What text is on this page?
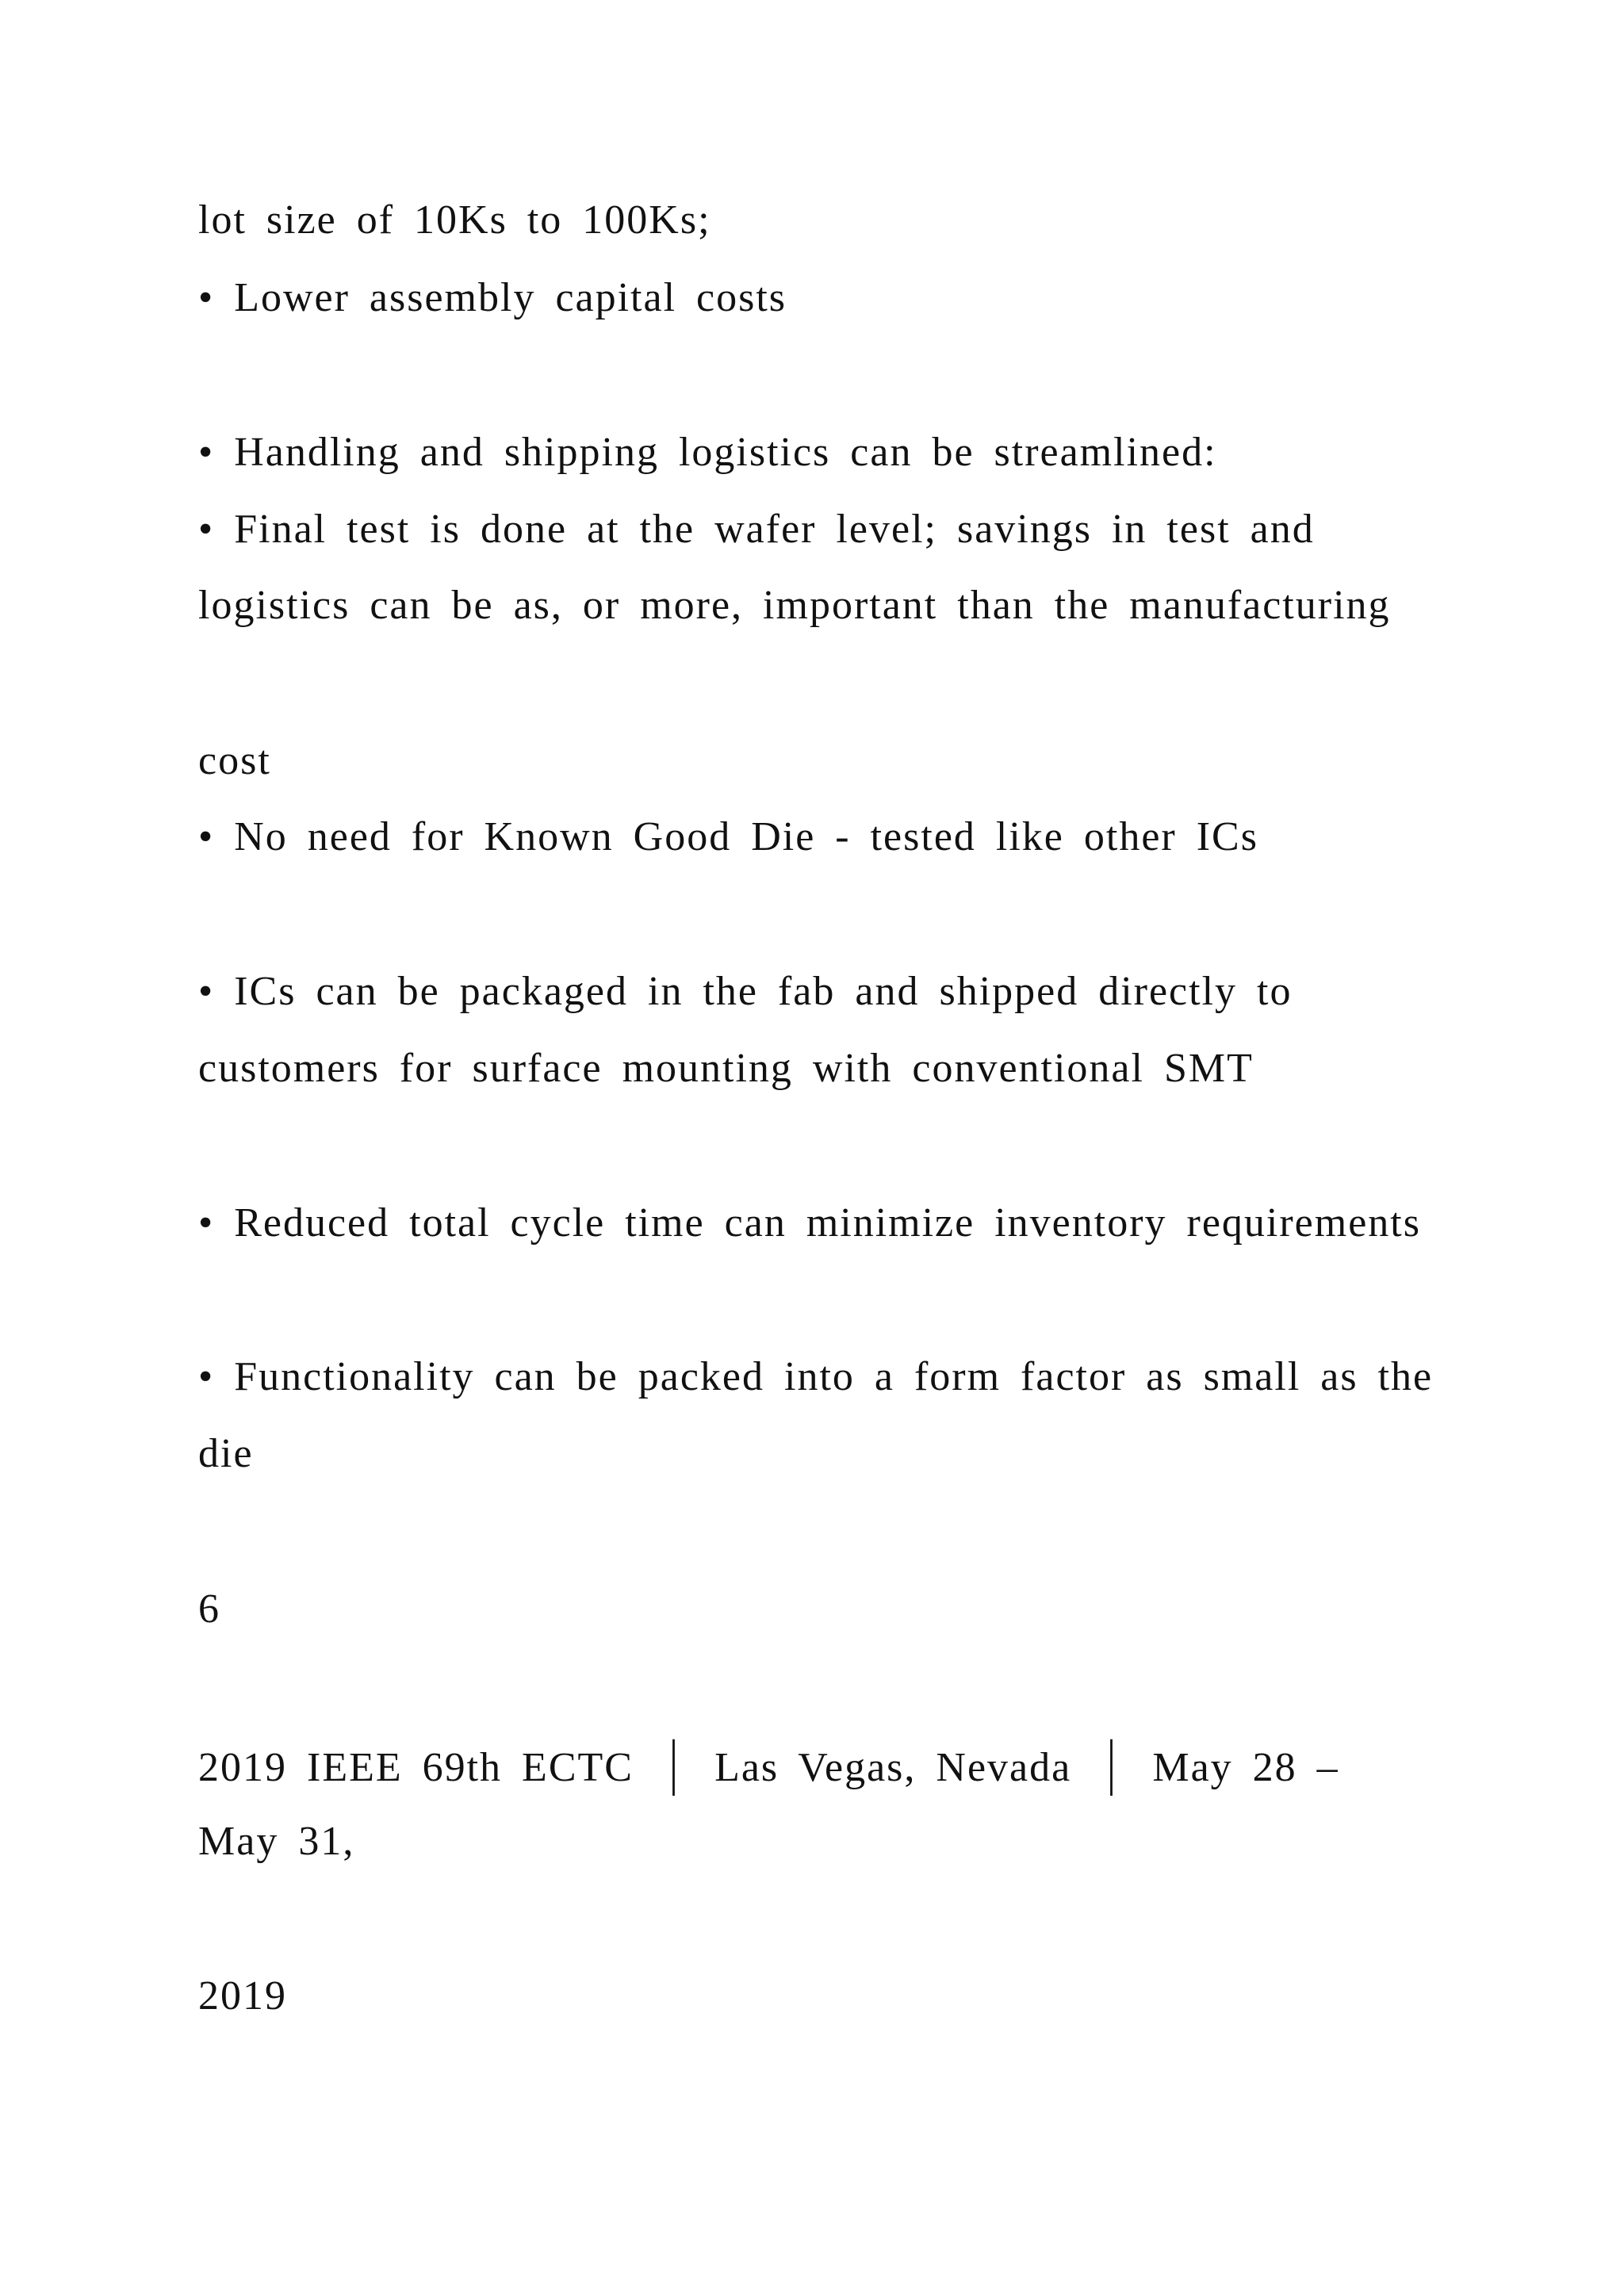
lot size of 10Ks to 100Ks;
• Lower assembly capital costs
• Handling and shipping logistics can be streamlined:
• Final test is done at the wafer level; savings in test and
logistics can be as, or more, important than the manufacturing
cost
• No need for Known Good Die - tested like other ICs
• ICs can be packaged in the fab and shipped directly to
customers for surface mounting with conventional SMT
• Reduced total cycle time can minimize inventory requirements
• Functionality can be packed into a form factor as small as the
die
6
2019 IEEE 69th ECTC │ Las Vegas, Nevada │ May 28 –
May 31,
2019
